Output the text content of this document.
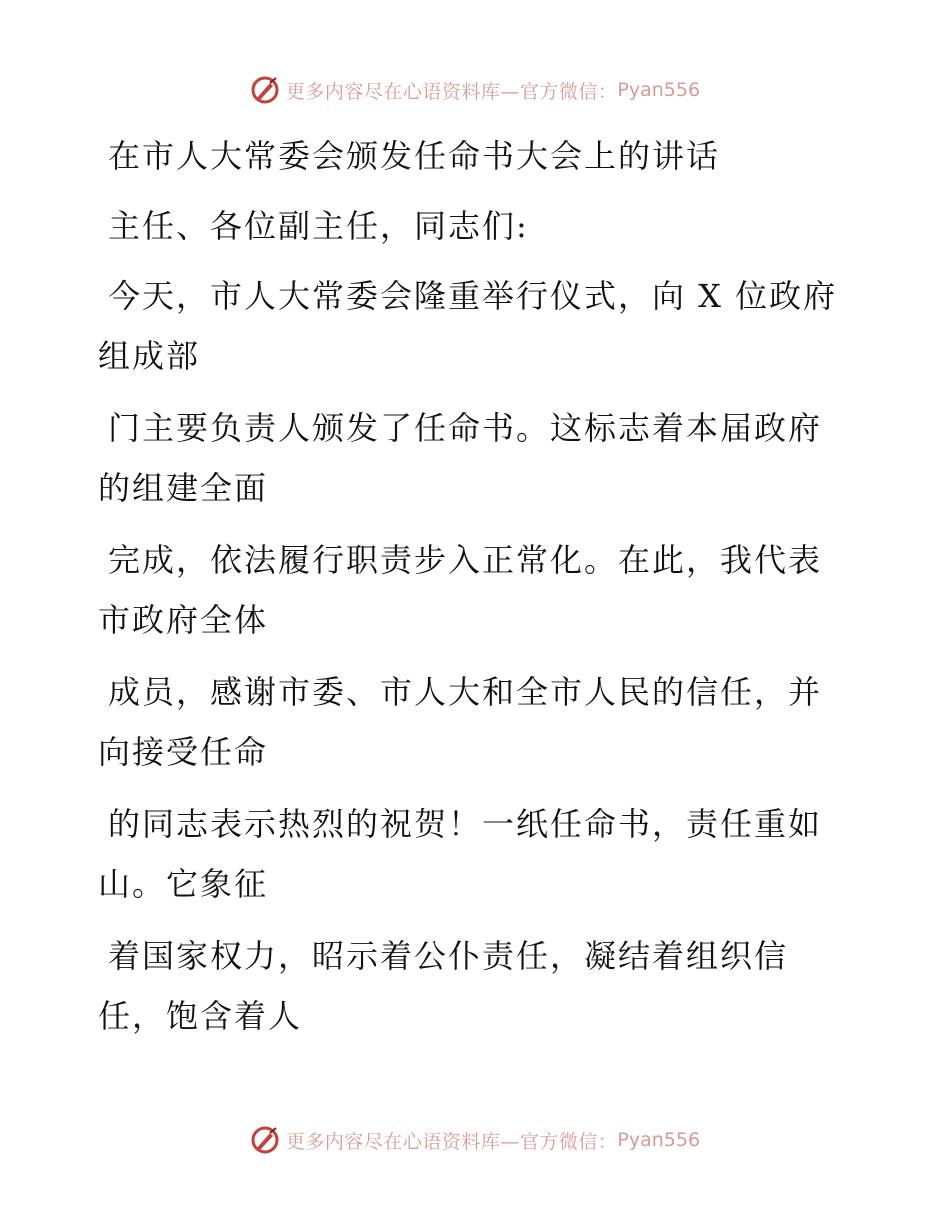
更多内容尽在心语资料库—官方微信： Pyan556

在市人大常委会颁发任命书大会上的讲话

主任、各位副主任，同志们:

今天，市人大常委会隆重举行仪式，向 X 位政府

组成部

门主要负责人颁发了任命书。这标志着本届政府

的组建全面

完成，依法履行职责步入正常化。在此，我代表

市政府全体

成员，感谢市委、市人大和全市人民的信任，并

向接受任命

的同志表示热烈的祝贺！一纸任命书，责任重如

山。它象征

着国家权力，昭示着公仆责任，凝结着组织信

任，饱含着人

更多内容尽在心语资料库—官方微信： Pyan556
